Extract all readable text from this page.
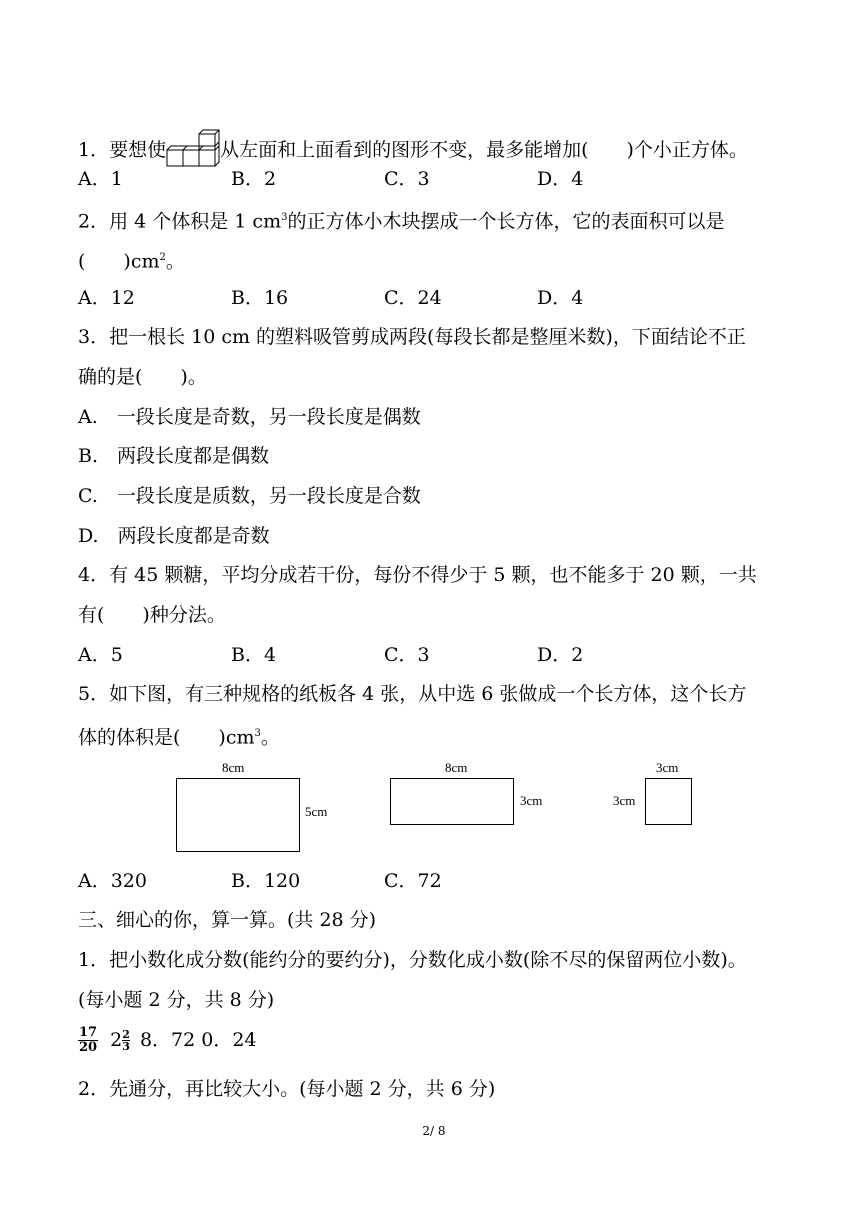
1．要想使	从左面和上面看到的图形不变，最多能增加(　　)个小正方体。
A．1	B．2	C．3	D．4
2．用 4 个体积是 1 $cm^3$的正方体小木块摆成一个长方体，它的表面积可以是
(　　)$cm^2$。
A．12	B．16	C．24	D．4
3．把一根长 10 cm 的塑料吸管剪成两段(每段长都是整厘米数)，下面结论不正
确的是(　　)。
A.　一段长度是奇数，另一段长度是偶数
B.　两段长度都是偶数
C.　一段长度是质数，另一段长度是合数
D.　两段长度都是奇数
4．有 45 颗糖，平均分成若干份，每份不得少于 5 颗，也不能多于 20 颗，一共
有(　　)种分法。
A．5	B．4	C．3	D．2
5．如下图，有三种规格的纸板各 4 张，从中选 6 张做成一个长方体，这个长方
体的体积是(　　)$cm^3$。
8cm
5cm
8cm
3cm
3cm
3cm
A．320	B．120	C．72
三、细心的你，算一算。(共 28 分)
1．把小数化成分数(能约分的要约分)，分数化成小数(除不尽的保留两位小数)。
(每小题 2 分，共 8 分)
$\frac{17}{20} 2 \frac{2}{3} 8$．72 0．24
2．先通分，再比较大小。(每小题 2 分，共 6 分)
2/ 8
